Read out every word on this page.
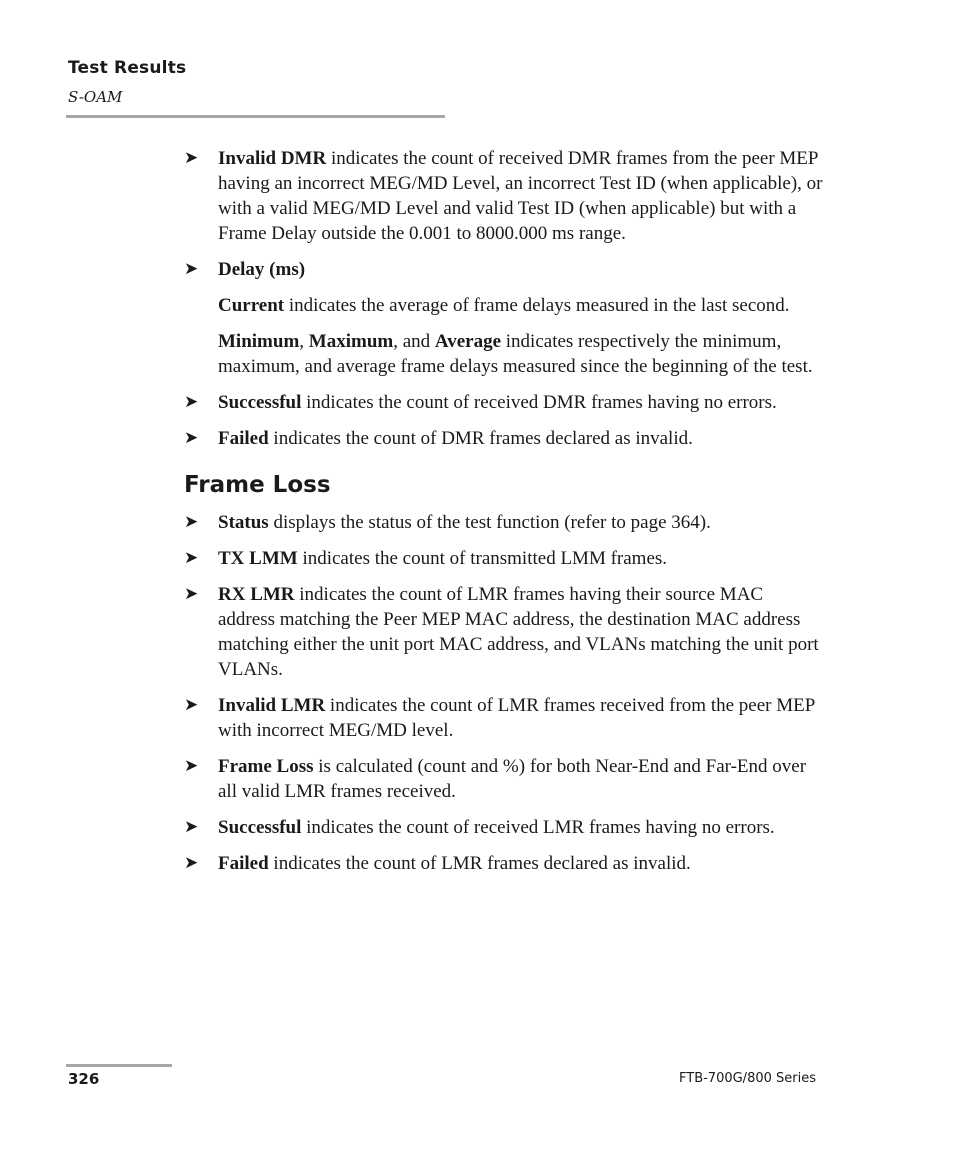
Test Results
S-OAM
➤ Invalid DMR indicates the count of received DMR frames from the peer MEP having an incorrect MEG/MD Level, an incorrect Test ID (when applicable), or with a valid MEG/MD Level and valid Test ID (when applicable) but with a Frame Delay outside the 0.001 to 8000.000 ms range.
➤ Delay (ms)
Current indicates the average of frame delays measured in the last second.
Minimum, Maximum, and Average indicates respectively the minimum, maximum, and average frame delays measured since the beginning of the test.
➤ Successful indicates the count of received DMR frames having no errors.
➤ Failed indicates the count of DMR frames declared as invalid.
Frame Loss
➤ Status displays the status of the test function (refer to page 364).
➤ TX LMM indicates the count of transmitted LMM frames.
➤ RX LMR indicates the count of LMR frames having their source MAC address matching the Peer MEP MAC address, the destination MAC address matching either the unit port MAC address, and VLANs matching the unit port VLANs.
➤ Invalid LMR indicates the count of LMR frames received from the peer MEP with incorrect MEG/MD level.
➤ Frame Loss is calculated (count and %) for both Near-End and Far-End over all valid LMR frames received.
➤ Successful indicates the count of received LMR frames having no errors.
➤ Failed indicates the count of LMR frames declared as invalid.
326	FTB-700G/800 Series
